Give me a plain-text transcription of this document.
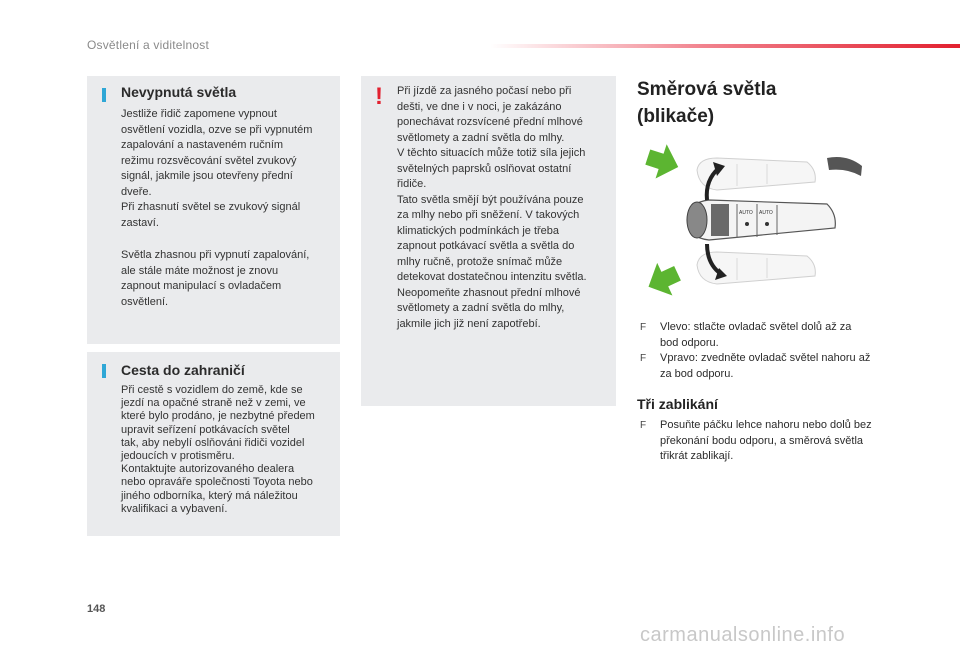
Osvětlení a viditelnost
Nevypnutá světla
Jestliže řidič zapomene vypnout
osvětlení vozidla, ozve se při vypnutém
zapalování a nastaveném ručním
režimu rozsvěcování světel zvukový
signál, jakmile jsou otevřeny přední
dveře.
Při zhasnutí světel se zvukový signál
zastaví.
Světla zhasnou při vypnutí zapalování,
ale stále máte možnost je znovu
zapnout manipulací s ovladačem
osvětlení.
Cesta do zahraničí
Při cestě s vozidlem do země, kde se
jezdí na opačné straně než v zemi, ve
které bylo prodáno, je nezbytné předem
upravit seřízení potkávacích světel
tak, aby nebylí oslňováni řidiči vozidel
jedoucích v protisměru.
Kontaktujte autorizovaného dealera
nebo opravářе společnosti Toyota nebo
jiného odborníka, který má náležitou
kvalifikaci a vybavení.
! Při jízdě za jasného počasí nebo při
dešti, ve dne i v noci, je zakázáno
ponechávat rozsvícené přední mlhové
světlomety a zadní světla do mlhy.
V těchto situacích může totiž síla jejich
světelných paprsků oslňovat ostatní
řidiče.
Tato světla smějí být používána pouze
za mlhy nebo při sněžení. V takových
klimatických podmínkách je třeba
zapnout potkávací světla a světla do
mlhy ručně, protože snímač může
detekovat dostatečnou intenzitu světla.
Neopomeňte zhasnout přední mlhové
světlomety a zadní světla do mlhy,
jakmile jich již není zapotřebí.
Směrová světla
(blikače)
AUTO AUTO
F Vlevo: stlačte ovladač světel dolů až za
bod odporu.
F Vpravo: zvedněte ovladač světel nahoru až
za bod odporu.
Tři zablikání
F Posuňte páčku lehce nahoru nebo dolů bez
překonání bodu odporu, a směrová světla
třikrát zablikají.
148
carmanualsonline.info
